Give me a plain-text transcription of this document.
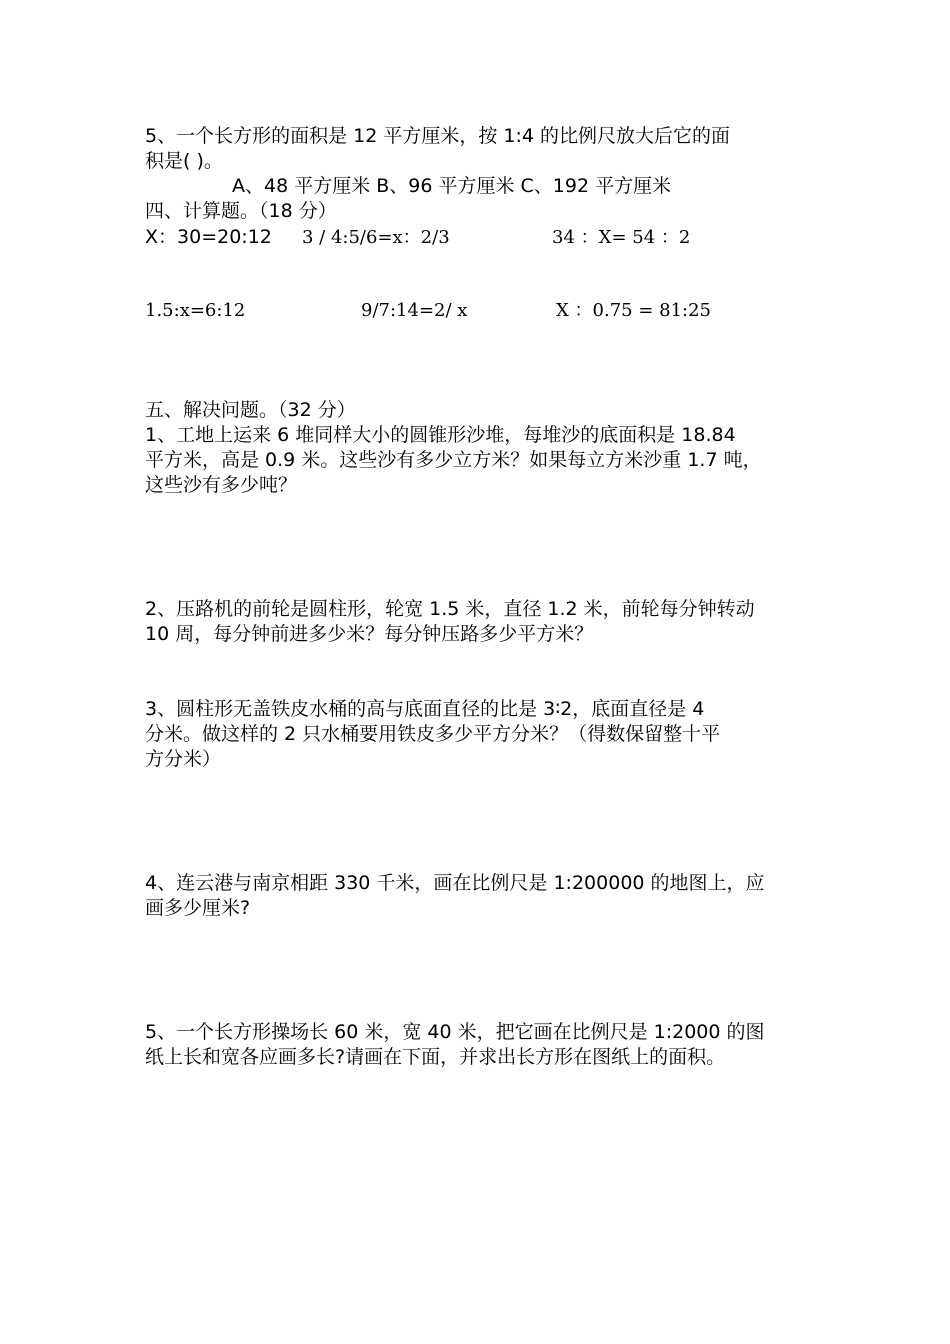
5、一个长方形的面积是 12 平方厘米，按 1:4 的比例尺放大后它的面
积是( )。
A、48 平方厘米 B、96 平方厘米 C、192 平方厘米
四、计算题。（18 分）
X：30=20:12 3 / 4:5/6=x：2/3	34 ：X= 54 ：2
1.5:x=6:12	9/7:14=2/ x	X ：0.75 = 81:25
五、解决问题。（32 分）
1、工地上运来 6 堆同样大小的圆锥形沙堆，每堆沙的底面积是 18.84
平方米，高是 0.9 米。这些沙有多少立方米？如果每立方米沙重 1.7 吨，
这些沙有多少吨？
2、压路机的前轮是圆柱形，轮宽 1.5 米，直径 1.2 米，前轮每分钟转动
10 周，每分钟前进多少米？每分钟压路多少平方米？
3、圆柱形无盖铁皮水桶的高与底面直径的比是 3∶2，底面直径是 4
分米。做这样的 2 只水桶要用铁皮多少平方分米？（得数保留整十平
方分米）
4、连云港与南京相距 330 千米，画在比例尺是 1:200000 的地图上，应
画多少厘米?
5、一个长方形操场长 60 米，宽 40 米，把它画在比例尺是 1:2000 的图
纸上长和宽各应画多长?请画在下面，并求出长方形在图纸上的面积。
